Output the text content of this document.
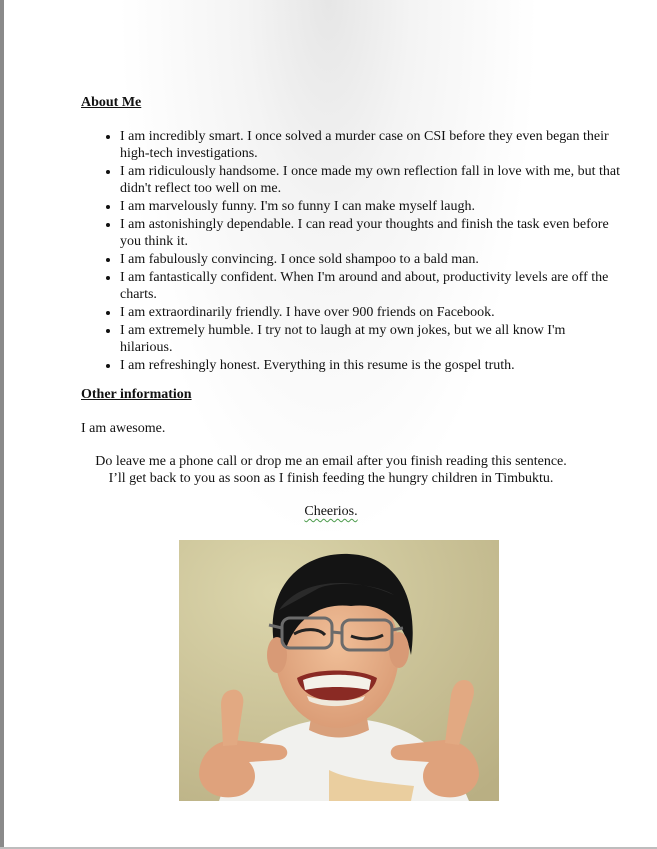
About Me
• I am incredibly smart. I once solved a murder case on CSI before they even began their high-tech investigations.
• I am ridiculously handsome. I once made my own reflection fall in love with me, but that didn't reflect too well on me.
• I am marvelously funny. I'm so funny I can make myself laugh.
• I am astonishingly dependable. I can read your thoughts and finish the task even before you think it.
• I am fabulously convincing. I once sold shampoo to a bald man.
• I am fantastically confident. When I'm around and about, productivity levels are off the charts.
• I am extraordinarily friendly. I have over 900 friends on Facebook.
• I am extremely humble. I try not to laugh at my own jokes, but we all know I'm hilarious.
• I am refreshingly honest. Everything in this resume is the gospel truth.
Other information

I am awesome.

Do leave me a phone call or drop me an email after you finish reading this sentence.
I’ll get back to you as soon as I finish feeding the hungry children in Timbuktu.
Cheerios.
